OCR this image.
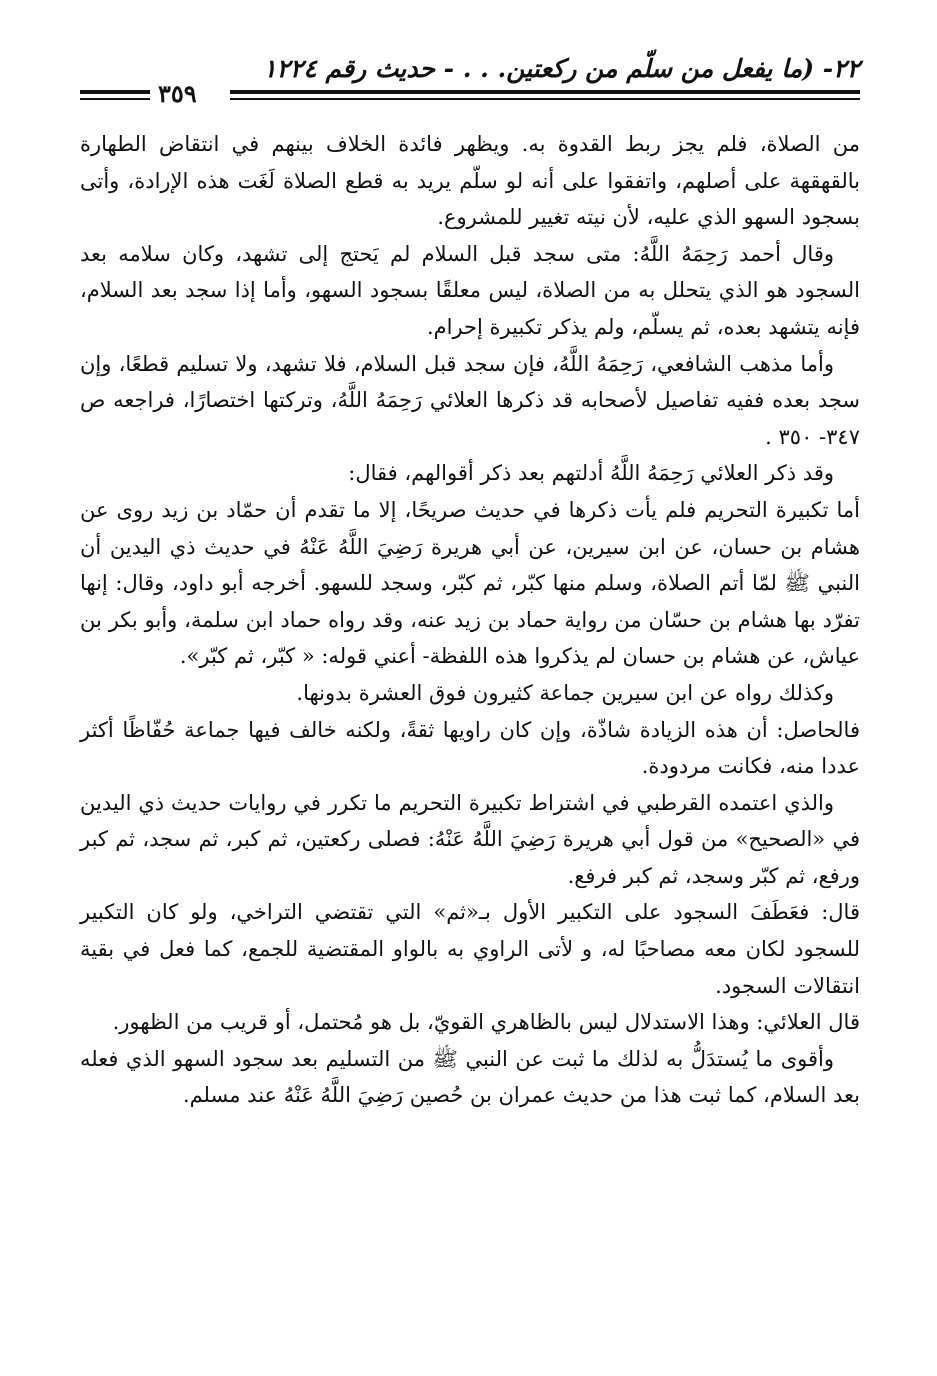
٢٢- (ما يفعل من سلّم من ركعتين. . . - حديث رقم ١٢٢٤
٣٥٩

من الصلاة، فلم يجز ربط القدوة به. ويظهر فائدة الخلاف بينهم في انتقاض الطهارة بالقهقهة على أصلهم، واتفقوا على أنه لو سلّم يريد به قطع الصلاة لَغَت هذه الإرادة، وأتى بسجود السهو الذي عليه، لأن نيته تغيير للمشروع.

وقال أحمد رَحِمَهُ اللَّهُ: متى سجد قبل السلام لم يَحتج إلى تشهد، وكان سلامه بعد السجود هو الذي يتحلل به من الصلاة، ليس معلقًا بسجود السهو، وأما إذا سجد بعد السلام، فإنه يتشهد بعده، ثم يسلّم، ولم يذكر تكبيرة إحرام.

وأما مذهب الشافعي، رَحِمَهُ اللَّهُ، فإن سجد قبل السلام، فلا تشهد، ولا تسليم قطعًا، وإن سجد بعده ففيه تفاصيل لأصحابه قد ذكرها العلائي رَحِمَهُ اللَّهُ، وتركتها اختصارًا، فراجعه ص ٣٤٧- ٣٥٠ .

وقد ذكر العلائي رَحِمَهُ اللَّهُ أدلتهم بعد ذكر أقوالهم، فقال:

أما تكبيرة التحريم فلم يأت ذكرها في حديث صريحًا، إلا ما تقدم أن حمّاد بن زيد روى عن هشام بن حسان، عن ابن سيرين، عن أبي هريرة رَضِيَ اللَّهُ عَنْهُ في حديث ذي اليدين أن النبي ﷺ لمّا أتم الصلاة، وسلم منها كبّر، ثم كبّر، وسجد للسهو. أخرجه أبو داود، وقال: إنها تفرّد بها هشام بن حسّان من رواية حماد بن زيد عنه، وقد رواه حماد ابن سلمة، وأبو بكر بن عياش، عن هشام بن حسان لم يذكروا هذه اللفظة- أعني قوله: « كبّر، ثم كبّر».

وكذلك رواه عن ابن سيرين جماعة كثيرون فوق العشرة بدونها.

فالحاصل: أن هذه الزيادة شاذّة، وإن كان راويها ثقةً، ولكنه خالف فيها جماعة حُفّاظًا أكثر عددا منه، فكانت مردودة.

والذي اعتمده القرطبي في اشتراط تكبيرة التحريم ما تكرر في روايات حديث ذي اليدين في «الصحيح» من قول أبي هريرة رَضِيَ اللَّهُ عَنْهُ: فصلى ركعتين، ثم كبر، ثم سجد، ثم كبر ورفع، ثم كبّر وسجد، ثم كبر فرفع.

قال: فعَطَفَ السجود على التكبير الأول بـ«ثم» التي تقتضي التراخي، ولو كان التكبير للسجود لكان معه مصاحبًا له، و لأتى الراوي به بالواو المقتضية للجمع، كما فعل في بقية انتقالات السجود.

قال العلائي: وهذا الاستدلال ليس بالظاهري القويّ، بل هو مُحتمل، أو قريب من الظهور.

وأقوى ما يُستدَلُّ به لذلك ما ثبت عن النبي ﷺ من التسليم بعد سجود السهو الذي فعله بعد السلام، كما ثبت هذا من حديث عمران بن حُصين رَضِيَ اللَّهُ عَنْهُ عند مسلم.
